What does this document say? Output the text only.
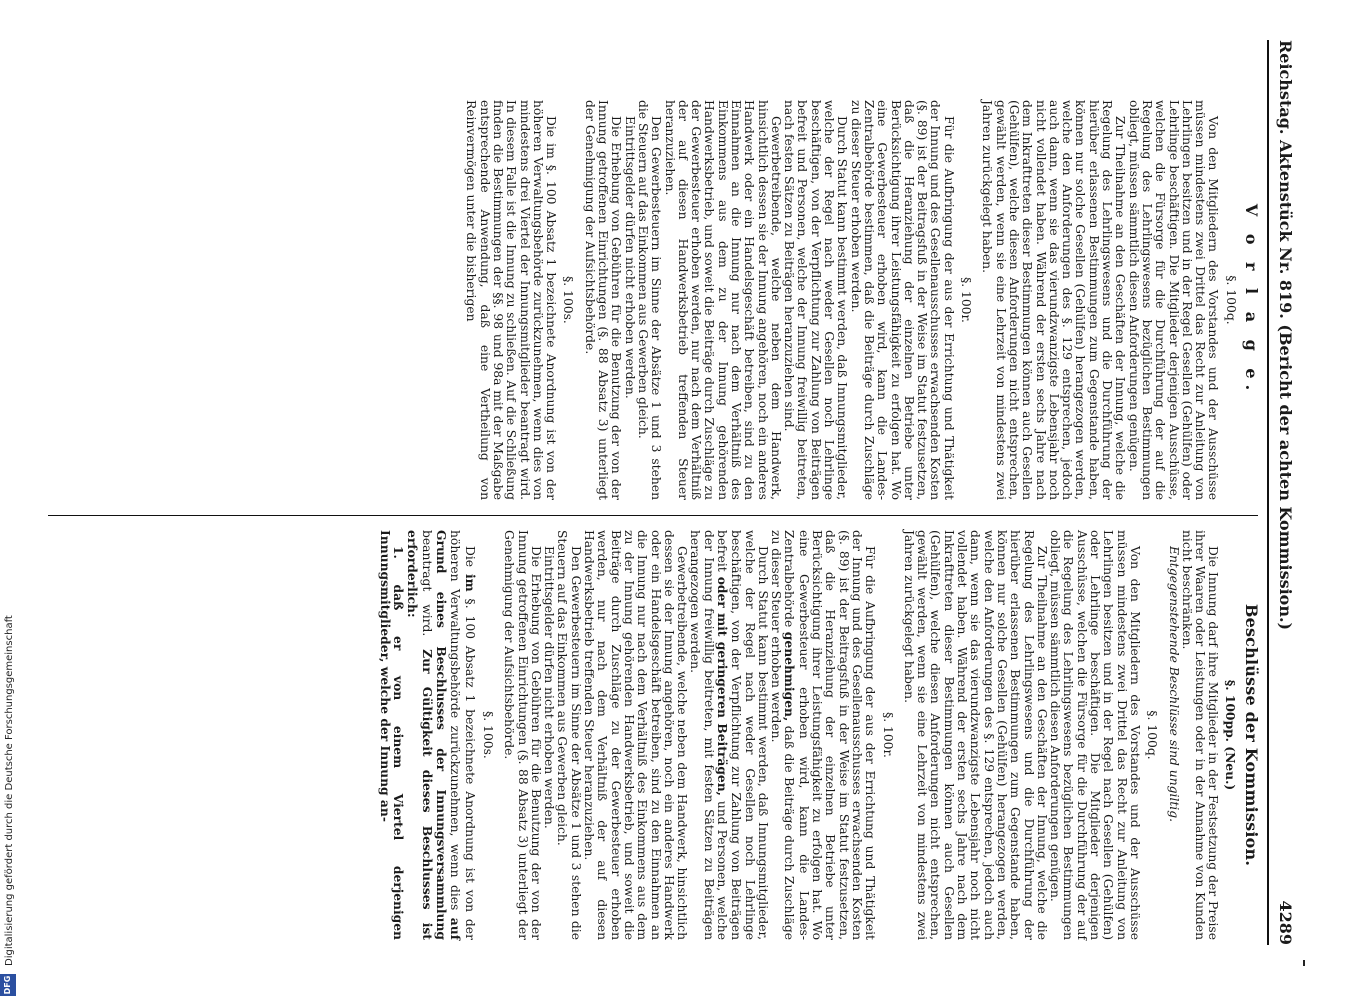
Reichstag. Aktenstück Nr. 819. (Bericht der achten Kommission.)
4289
V o r l a g e.
§. 100q.

Von den Mitgliedern des Vorstandes und der Ausschüsse müssen mindestens zwei Drittel das Recht zur Anleitung von Lehrlingen besitzen und in der Regel Gesellen (Gehülfen) oder Lehrlinge beschäftigen. Die Mitglieder derjenigen Ausschüsse, welchen die Fürsorge für die Durchführung der auf die Regelung des Lehrlingswesens bezüglichen Bestimmungen obliegt, müssen sämmtlich diesen Anforderungen genügen.

Zur Theilnahme an den Geschäften der Innung, welche die Regelung des Lehrlingswesens und die Durchführung der hierüber erlassenen Bestimmungen zum Gegenstande haben, können nur solche Gesellen (Gehülfen) herangezogen werden, welche den Anforderungen des §. 129 entsprechen, jedoch auch dann, wenn sie das vierundzwanzigste Lebensjahr noch nicht vollendet haben. Während der ersten sechs Jahre nach dem Inkrafttreten dieser Bestimmungen können auch Gesellen (Gehülfen), welche diesen Anforderungen nicht entsprechen, gewählt werden, wenn sie eine Lehrzeit von mindestens zwei Jahren zurückgelegt haben.

§. 100r.

Für die Aufbringung der aus der Errichtung und Thätigkeit der Innung und des Gesellenausschusses erwachsenden Kosten (§. 89) ist der Beitragsfuß in der Weise im Statut festzusetzen, daß die Heranziehung der einzelnen Betriebe unter Berücksichtigung ihrer Leistungsfähigkeit zu erfolgen hat. Wo eine Gewerbesteuer erhoben wird, kann die Landes-Zentralbehörde bestimmen, daß die Beiträge durch Zuschläge zu dieser Steuer erhoben werden.

Durch Statut kann bestimmt werden, daß Innungsmitglieder, welche der Regel nach weder Gesellen noch Lehrlinge beschäftigen, von der Verpflichtung zur Zahlung von Beiträgen befreit und Personen, welche der Innung freiwillig beitreten, nach festen Sätzen zu Beiträgen heranzuziehen sind.

Gewerbetreibende, welche neben dem Handwerk, hinsichtlich dessen sie der Innung angehören, noch ein anderes Handwerk oder ein Handelsgeschäft betreiben, sind zu den Einnahmen an die Innung nur nach dem Verhältniß des Einkommens aus dem zu der Innung gehörenden Handwerksbetrieb, und soweit die Beiträge durch Zuschläge zu der Gewerbesteuer erhoben werden, nur nach dem Verhältniß der auf diesen Handwerksbetrieb treffenden Steuer heranzuziehen.

Den Gewerbesteuern im Sinne der Absätze 1 und 3 stehen die Steuern auf das Einkommen aus Gewerben gleich.

Eintrittsgelder dürfen nicht erhoben werden.

Die Erhebung von Gebühren für die Benutzung der von der Innung getroffenen Einrichtungen (§. 88 Absatz 3) unterliegt der Genehmigung der Aufsichtsbehörde.

§. 100s.

Die im §. 100 Absatz 1 bezeichnete Anordnung ist von der höheren Verwaltungsbehörde zurückzunehmen, wenn dies von mindestens drei Viertel der Innungsmitglieder beantragt wird. In diesem Falle ist die Innung zu schließen. Auf die Schließung finden die Bestimmungen der §§. 98 und 98a mit der Maßgabe entsprechende Anwendung, daß eine Vertheilung von Reinvermögen unter die bisherigen

Beschlüsse der Kommission.
§. 100pp. (Neu.)

Die Innung darf ihre Mitglieder in der Festsetzung der Preise ihrer Waaren oder Leistungen oder in der Annahme von Kunden nicht beschränken.

Entgegenstehende Beschlüsse sind ungiltig.

§. 100q.

Von den Mitgliedern des Vorstandes und der Ausschüsse müssen mindestens zwei Drittel das Recht zur Anleitung von Lehrlingen besitzen und in der Regel nach Gesellen (Gehülfen) oder Lehrlinge beschäftigen. Die Mitglieder derjenigen Ausschüsse, welchen die Fürsorge für die Durchführung der auf die Regelung des Lehrlingswesens bezüglichen Bestimmungen obliegt, müssen sämmtlich diesen Anforderungen genügen.

Zur Theilnahme an den Geschäften der Innung, welche die Regelung des Lehrlingswesens und die Durchführung der hierüber erlassenen Bestimmungen zum Gegenstande haben, können nur solche Gesellen (Gehülfen) herangezogen werden, welche den Anforderungen des §. 129 entsprechen, jedoch auch dann, wenn sie das vierundzwanzigste Lebensjahr noch nicht vollendet haben. Während der ersten sechs Jahre nach dem Inkrafttreten dieser Bestimmungen können auch Gesellen (Gehülfen), welche diesen Anforderungen nicht entsprechen, gewählt werden, wenn sie eine Lehrzeit von mindestens zwei Jahren zurückgelegt haben.

§. 100r.

Für die Aufbringung der aus der Errichtung und Thätigkeit der Innung und des Gesellenausschusses erwachsenden Kosten (§. 89) ist der Beitragsfuß in der Weise im Statut festzusetzen, daß die Heranziehung der einzelnen Betriebe unter Berücksichtigung ihrer Leistungsfähigkeit zu erfolgen hat. Wo eine Gewerbesteuer erhoben wird, kann die Landes-Zentralbehörde genehmigen, daß die Beiträge durch Zuschläge zu dieser Steuer erhoben werden.

Durch Statut kann bestimmt werden, daß Innungsmitglieder, welche der Regel nach weder Gesellen noch Lehrlinge beschäftigen, von der Verpflichtung zur Zahlung von Beiträgen befreit oder mit geringeren Beiträgen, und Personen, welche der Innung freiwillig beitreten, mit festen Sätzen zu Beiträgen herangezogen werden.

Gewerbetreibende, welche neben dem Handwerk, hinsichtlich dessen sie der Innung angehören, noch ein anderes Handwerk oder ein Handelsgeschäft betreiben, sind zu den Einnahmen an die Innung nur nach dem Verhältniß des Einkommens aus dem zu der Innung gehörenden Handwerksbetrieb, und soweit die Beiträge durch Zuschläge zu der Gewerbesteuer erhoben werden, nur nach dem Verhältniß der auf diesen Handwerksbetrieb treffenden Steuer heranzuziehen.

Den Gewerbesteuern im Sinne der Absätze 1 und 3 stehen die Steuern auf das Einkommen aus Gewerben gleich.

Eintrittsgelder dürfen nicht erhoben werden.

Die Erhebung von Gebühren für die Benutzung der von der Innung getroffenen Einrichtungen (§. 88 Absatz 3) unterliegt der Genehmigung der Aufsichtsbehörde.

§. 100s.

Die im §. 100 Absatz 1 bezeichnete Anordnung ist von der höheren Verwaltungsbehörde zurückzunehmen, wenn dies auf Grund eines Beschlusses der Innungsversammlung beantragt wird. Zur Gültigkeit dieses Beschlusses ist erforderlich:

1. daß er von einem Viertel derjenigen Innungsmitglieder, welche der Innung an-

DFG
Digitalisierung gefördert durch die Deutsche Forschungsgemeinschaft
